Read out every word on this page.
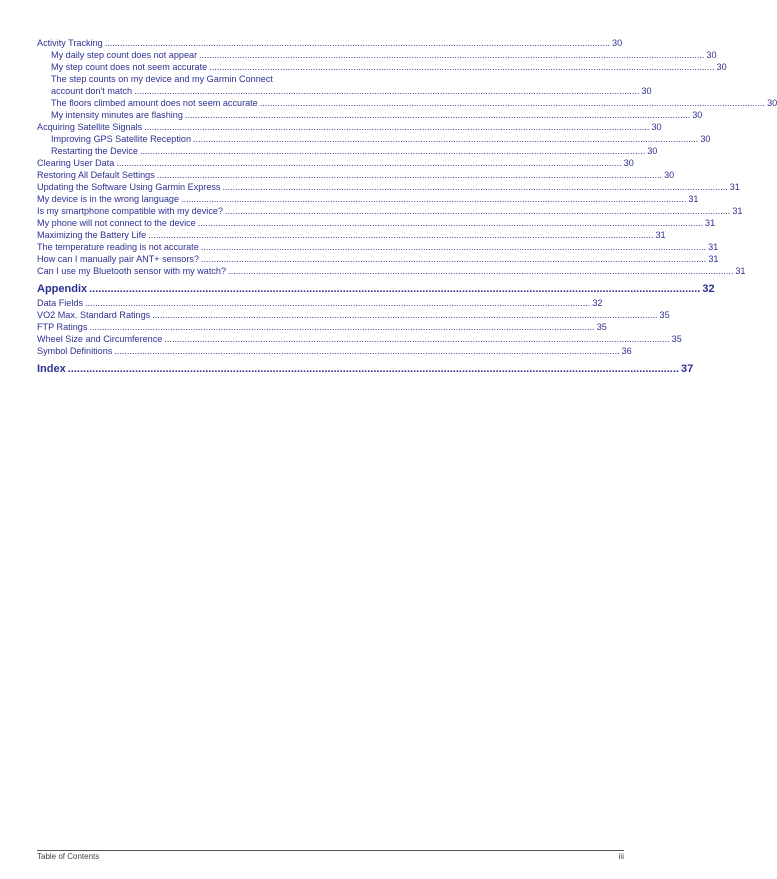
Activity Tracking .....	30
My daily step count does not appear .....	30
My step count does not seem accurate .....	30
The step counts on my device and my Garmin Connect
account don't match .....	30
The floors climbed amount does not seem accurate .....	30
My intensity minutes are flashing .....	30
Acquiring Satellite Signals .....	30
Improving GPS Satellite Reception .....	30
Restarting the Device .....	30
Clearing User Data .....	30
Restoring All Default Settings .....	30
Updating the Software Using Garmin Express .....	31
My device is in the wrong language .....	31
Is my smartphone compatible with my device? .....	31
My phone will not connect to the device .....	31
Maximizing the Battery Life .....	31
The temperature reading is not accurate .....	31
How can I manually pair ANT+ sensors? .....	31
Can I use my Bluetooth sensor with my watch? .....	31
Appendix .....	32
Data Fields .....	32
VO2 Max. Standard Ratings .....	35
FTP Ratings .....	35
Wheel Size and Circumference .....	35
Symbol Definitions .....	36
Index .....	37
Table of Contents	iii
